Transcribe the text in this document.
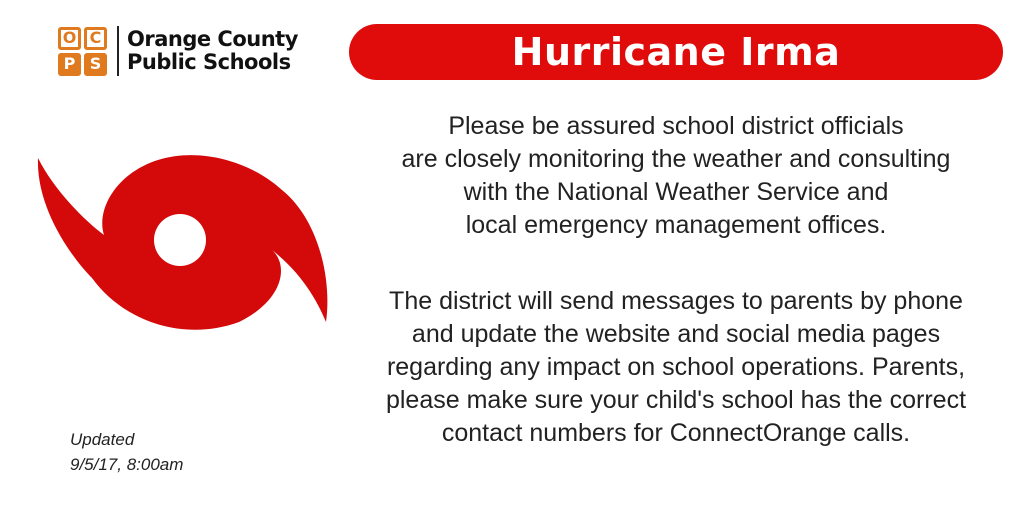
O C
P S
Orange County
Public Schools	Hurricane Irma
Please be assured school district officials
are closely monitoring the weather and consulting
with the National Weather Service and
local emergency management offices.
The district will send messages to parents by phone
and update the website and social media pages
regarding any impact on school operations. Parents,
please make sure your child's school has the correct
contact numbers for ConnectOrange calls.
Updated
9/5/17, 8:00am
